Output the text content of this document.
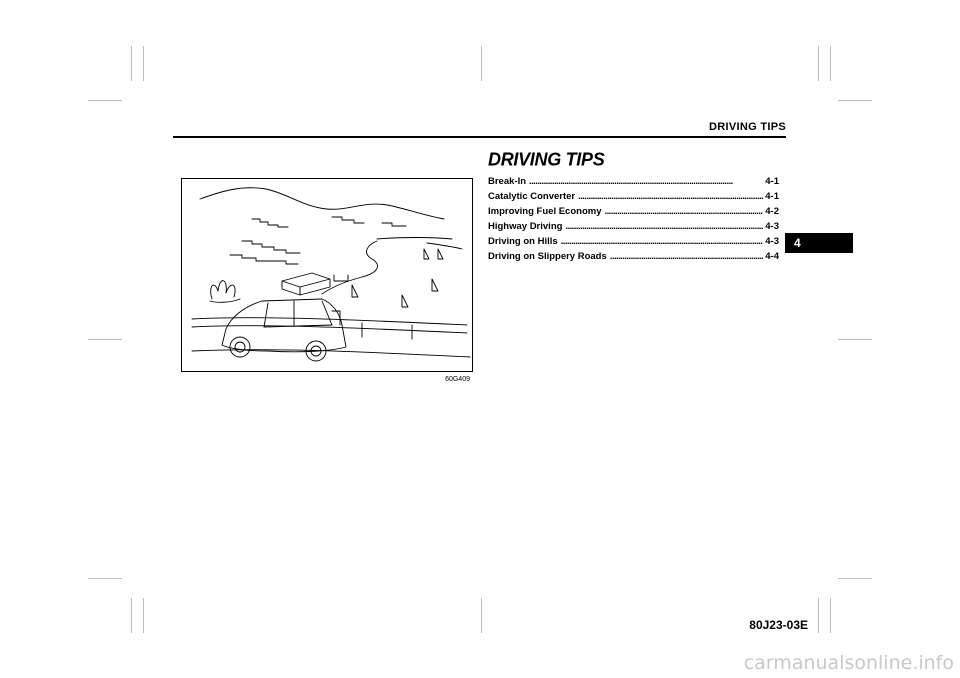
DRIVING TIPS
4
60G409
DRIVING TIPS
Break-In . . .	4-1
Catalytic Converter . . .	4-1
Improving Fuel Economy . . .	4-2
Highway Driving . . .	4-3
Driving on Hills . . .	4-3
Driving on Slippery Roads . . .	4-4
80J23-03E
carmanualsonline.info
